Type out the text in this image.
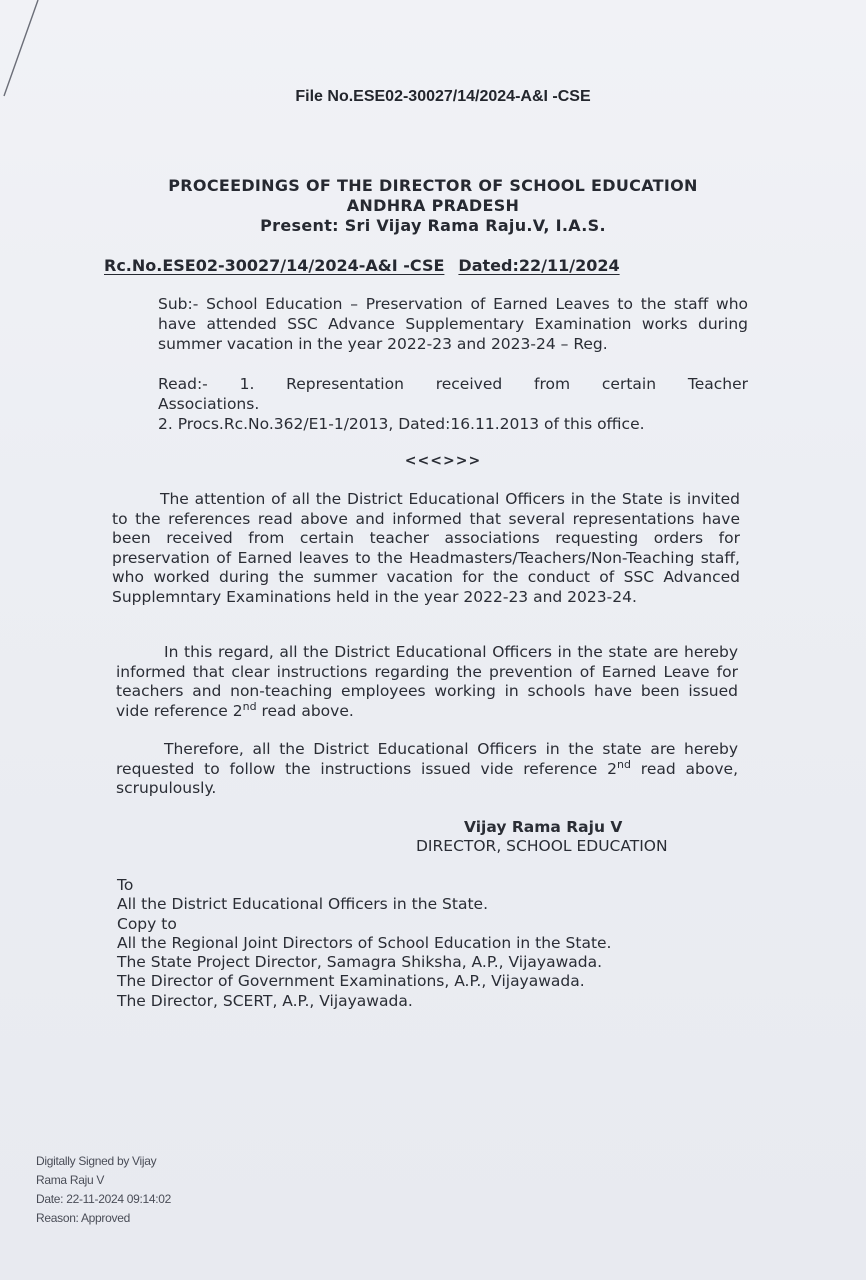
File No.ESE02-30027/14/2024-A&I -CSE
PROCEEDINGS OF THE DIRECTOR OF SCHOOL EDUCATION
ANDHRA PRADESH
Present: Sri Vijay Rama Raju.V, I.A.S.
Rc.No.ESE02-30027/14/2024-A&I -CSE Dated:22/11/2024
Sub:- School Education – Preservation of Earned Leaves to the staff who have attended SSC Advance Supplementary Examination works during summer vacation in the year 2022-23 and 2023-24 – Reg.
Read:- 1. Representation received from certain Teacher
Associations.
2. Procs.Rc.No.362/E1-1/2013, Dated:16.11.2013 of this office.
<<<>>>

The attention of all the District Educational Officers in the State is invited to the references read above and informed that several representations have been received from certain teacher associations requesting orders for preservation of Earned leaves to the Headmasters/Teachers/Non-Teaching staff, who worked during the summer vacation for the conduct of SSC Advanced Supplemntary Examinations held in the year 2022-23 and 2023-24.

In this regard, all the District Educational Officers in the state are hereby informed that clear instructions regarding the prevention of Earned Leave for teachers and non-teaching employees working in schools have been issued vide reference 2nd read above.

Therefore, all the District Educational Officers in the state are hereby requested to follow the instructions issued vide reference 2nd read above, scrupulously.

Vijay Rama Raju V
DIRECTOR, SCHOOL EDUCATION
To
All the District Educational Officers in the State.
Copy to
All the Regional Joint Directors of School Education in the State.
The State Project Director, Samagra Shiksha, A.P., Vijayawada.
The Director of Government Examinations, A.P., Vijayawada.
The Director, SCERT, A.P., Vijayawada.
Digitally Signed by Vijay
Rama Raju V
Date: 22-11-2024 09:14:02
Reason: Approved
